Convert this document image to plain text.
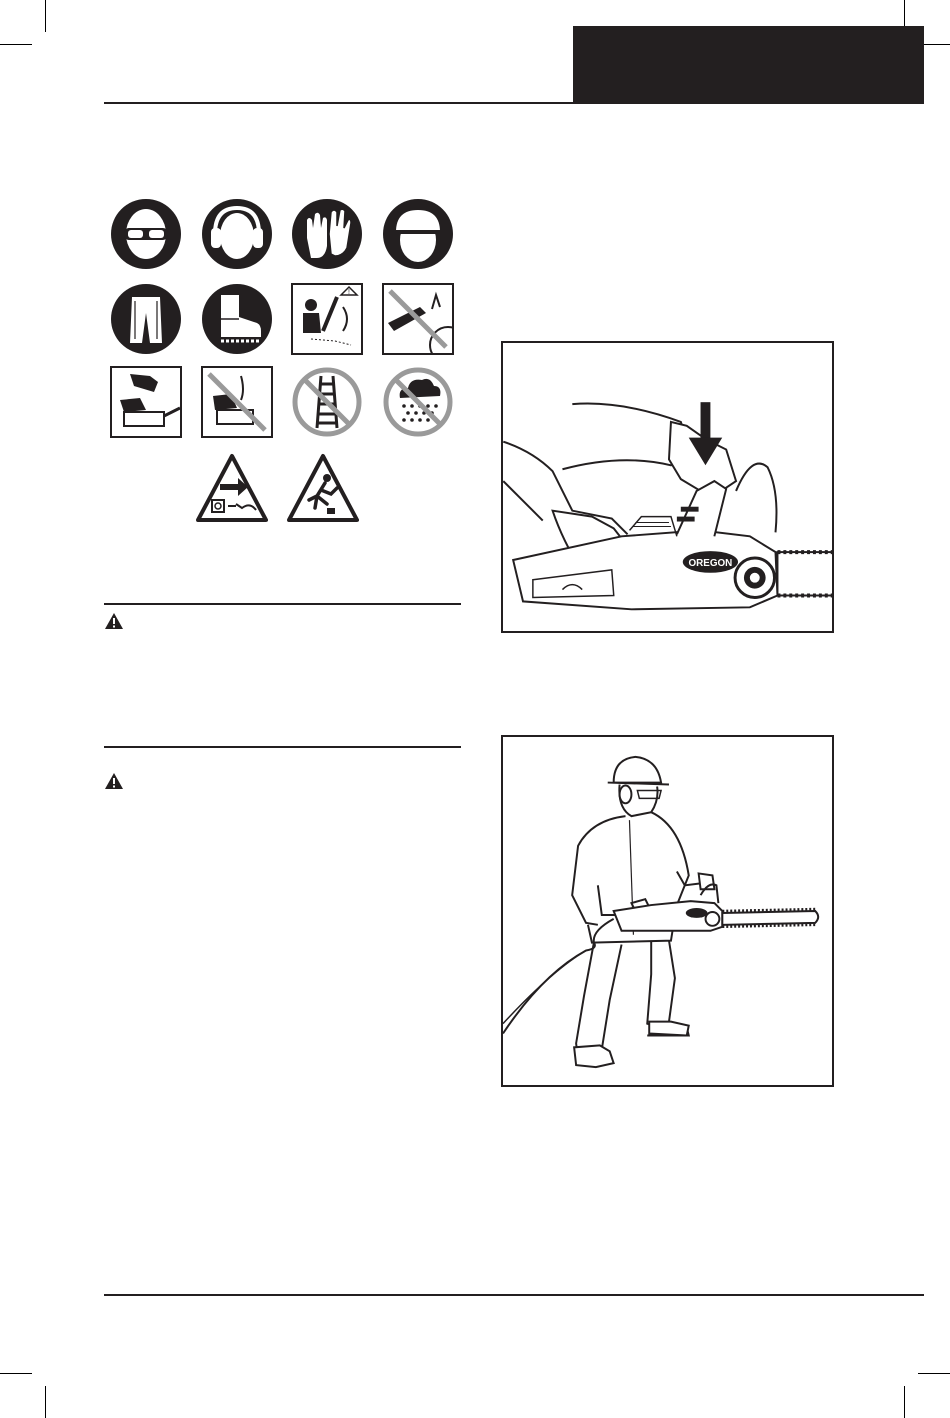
!
OREGON
